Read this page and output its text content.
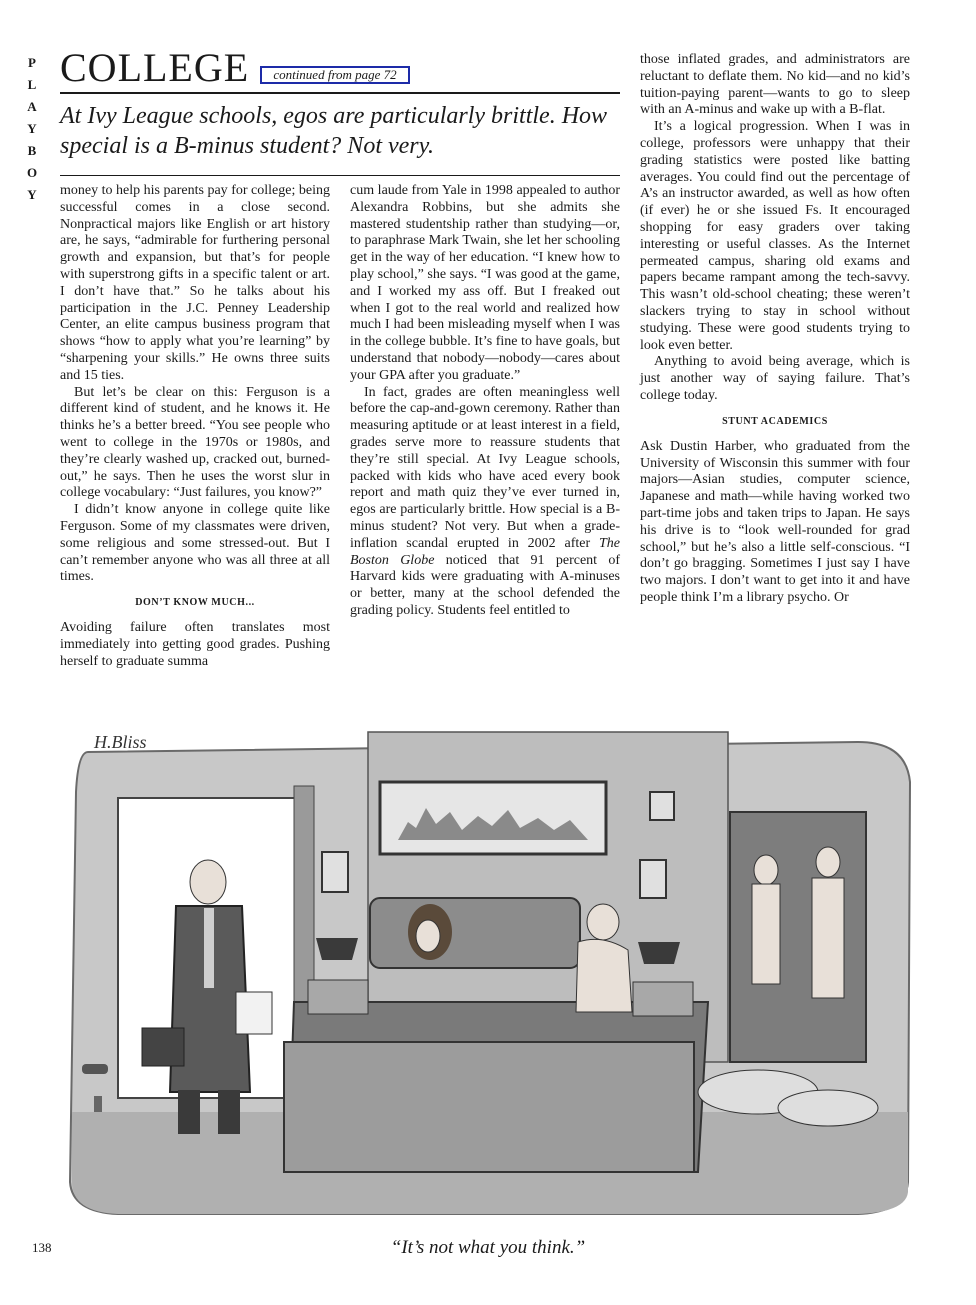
P
L
A
Y
B
O
Y
COLLEGE	continued from page 72
At Ivy League schools, egos are particularly brittle. How special is a B-minus student? Not very.

money to help his parents pay for college; being successful comes in a close second. Nonpractical majors like English or art history are, he says, “admirable for furthering personal growth and expansion, but that’s for people with superstrong gifts in a specific talent or art. I don’t have that.” So he talks about his participation in the J.C. Penney Leadership Center, an elite campus business program that shows “how to apply what you’re learning” by “sharpening your skills.” He owns three suits and 15 ties.

But let’s be clear on this: Ferguson is a different kind of student, and he knows it. He thinks he’s a better breed. “You see people who went to college in the 1970s or 1980s, and they’re clearly washed up, cracked out, burned-out,” he says. Then he uses the worst slur in college vocabulary: “Just failures, you know?”

I didn’t know anyone in college quite like Ferguson. Some of my classmates were driven, some religious and some stressed-out. But I can’t remember anyone who was all three at all times.

DON’T KNOW MUCH...

Avoiding failure often translates most immediately into getting good grades. Pushing herself to graduate summa

cum laude from Yale in 1998 appealed to author Alexandra Robbins, but she admits she mastered studentship rather than studying—or, to paraphrase Mark Twain, she let her schooling get in the way of her education. “I knew how to play school,” she says. “I was good at the game, and I worked my ass off. But I freaked out when I got to the real world and realized how much I had been misleading myself when I was in the college bubble. It’s fine to have goals, but understand that nobody—nobody—cares about your GPA after you graduate.”

In fact, grades are often meaningless well before the cap-and-gown ceremony. Rather than measuring aptitude or at least interest in a field, grades serve more to reassure students that they’re still special. At Ivy League schools, packed with kids who have aced every book report and math quiz they’ve ever turned in, egos are particularly brittle. How special is a B-minus student? Not very. But when a grade-inflation scandal erupted in 2002 after The Boston Globe noticed that 91 percent of Harvard kids were graduating with A-minuses or better, many at the school defended the grading policy. Students feel entitled to

those inflated grades, and administrators are reluctant to deflate them. No kid—and no kid’s tuition-paying parent—wants to go to sleep with an A-minus and wake up with a B-flat.

It’s a logical progression. When I was in college, professors were unhappy that their grading statistics were posted like batting averages. You could find out the percentage of A’s an instructor awarded, as well as how often (if ever) he or she issued Fs. It encouraged shopping for easy graders over taking interesting or useful classes. As the Internet permeated campus, sharing old exams and papers became rampant among the tech-savvy. This wasn’t old-school cheating; these weren’t slackers trying to stay in school without studying. These were good students trying to look even better.

Anything to avoid being average, which is just another way of saying failure. That’s college today.

STUNT ACADEMICS

Ask Dustin Harber, who graduated from the University of Wisconsin this summer with four majors—Asian studies, computer science, Japanese and math—while having worked two part-time jobs and taken trips to Japan. He says his drive is to “look well-rounded for grad school,” but he’s also a little self-conscious. “I don’t go bragging. Sometimes I just say I have two majors. I don’t want to get into it and have people think I’m a library psycho. Or

H.Bliss
“It’s not what you think.”
138
